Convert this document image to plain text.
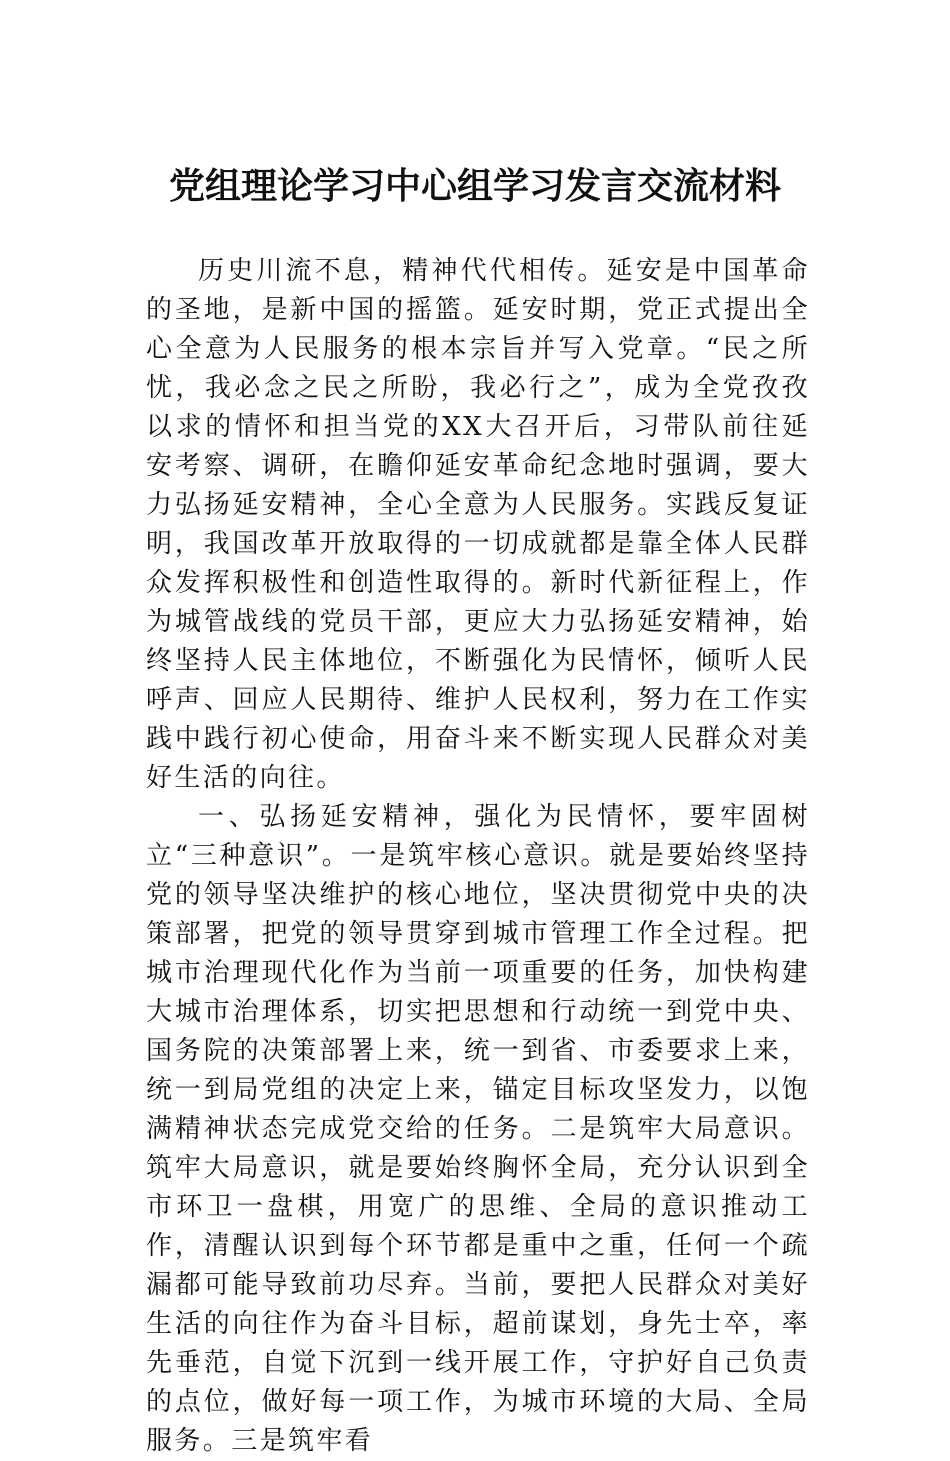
党组理论学习中心组学习发言交流材料

历史川流不息，精神代代相传。延安是中国革命的圣地，是新中国的摇篮。延安时期，党正式提出全心全意为人民服务的根本宗旨并写入党章。“民之所忧，我必念之民之所盼，我必行之”，成为全党孜孜以求的情怀和担当党的XX大召开后，习带队前往延安考察、调研，在瞻仰延安革命纪念地时强调，要大力弘扬延安精神，全心全意为人民服务。实践反复证明，我国改革开放取得的一切成就都是靠全体人民群众发挥积极性和创造性取得的。新时代新征程上，作为城管战线的党员干部，更应大力弘扬延安精神，始终坚持人民主体地位，不断强化为民情怀，倾听人民呼声、回应人民期待、维护人民权利，努力在工作实践中践行初心使命，用奋斗来不断实现人民群众对美好生活的向往。

一、弘扬延安精神，强化为民情怀，要牢固树立“三种意识”。一是筑牢核心意识。就是要始终坚持党的领导坚决维护的核心地位，坚决贯彻党中央的决策部署，把党的领导贯穿到城市管理工作全过程。把城市治理现代化作为当前一项重要的任务，加快构建大城市治理体系，切实把思想和行动统一到党中央、国务院的决策部署上来，统一到省、市委要求上来，统一到局党组的决定上来，锚定目标攻坚发力，以饱满精神状态完成党交给的任务。二是筑牢大局意识。筑牢大局意识，就是要始终胸怀全局，充分认识到全市环卫一盘棋，用宽广的思维、全局的意识推动工作，清醒认识到每个环节都是重中之重，任何一个疏漏都可能导致前功尽弃。当前，要把人民群众对美好生活的向往作为奋斗目标，超前谋划，身先士卒，率先垂范，自觉下沉到一线开展工作，守护好自己负责的点位，做好每一项工作，为城市环境的大局、全局服务。三是筑牢看
